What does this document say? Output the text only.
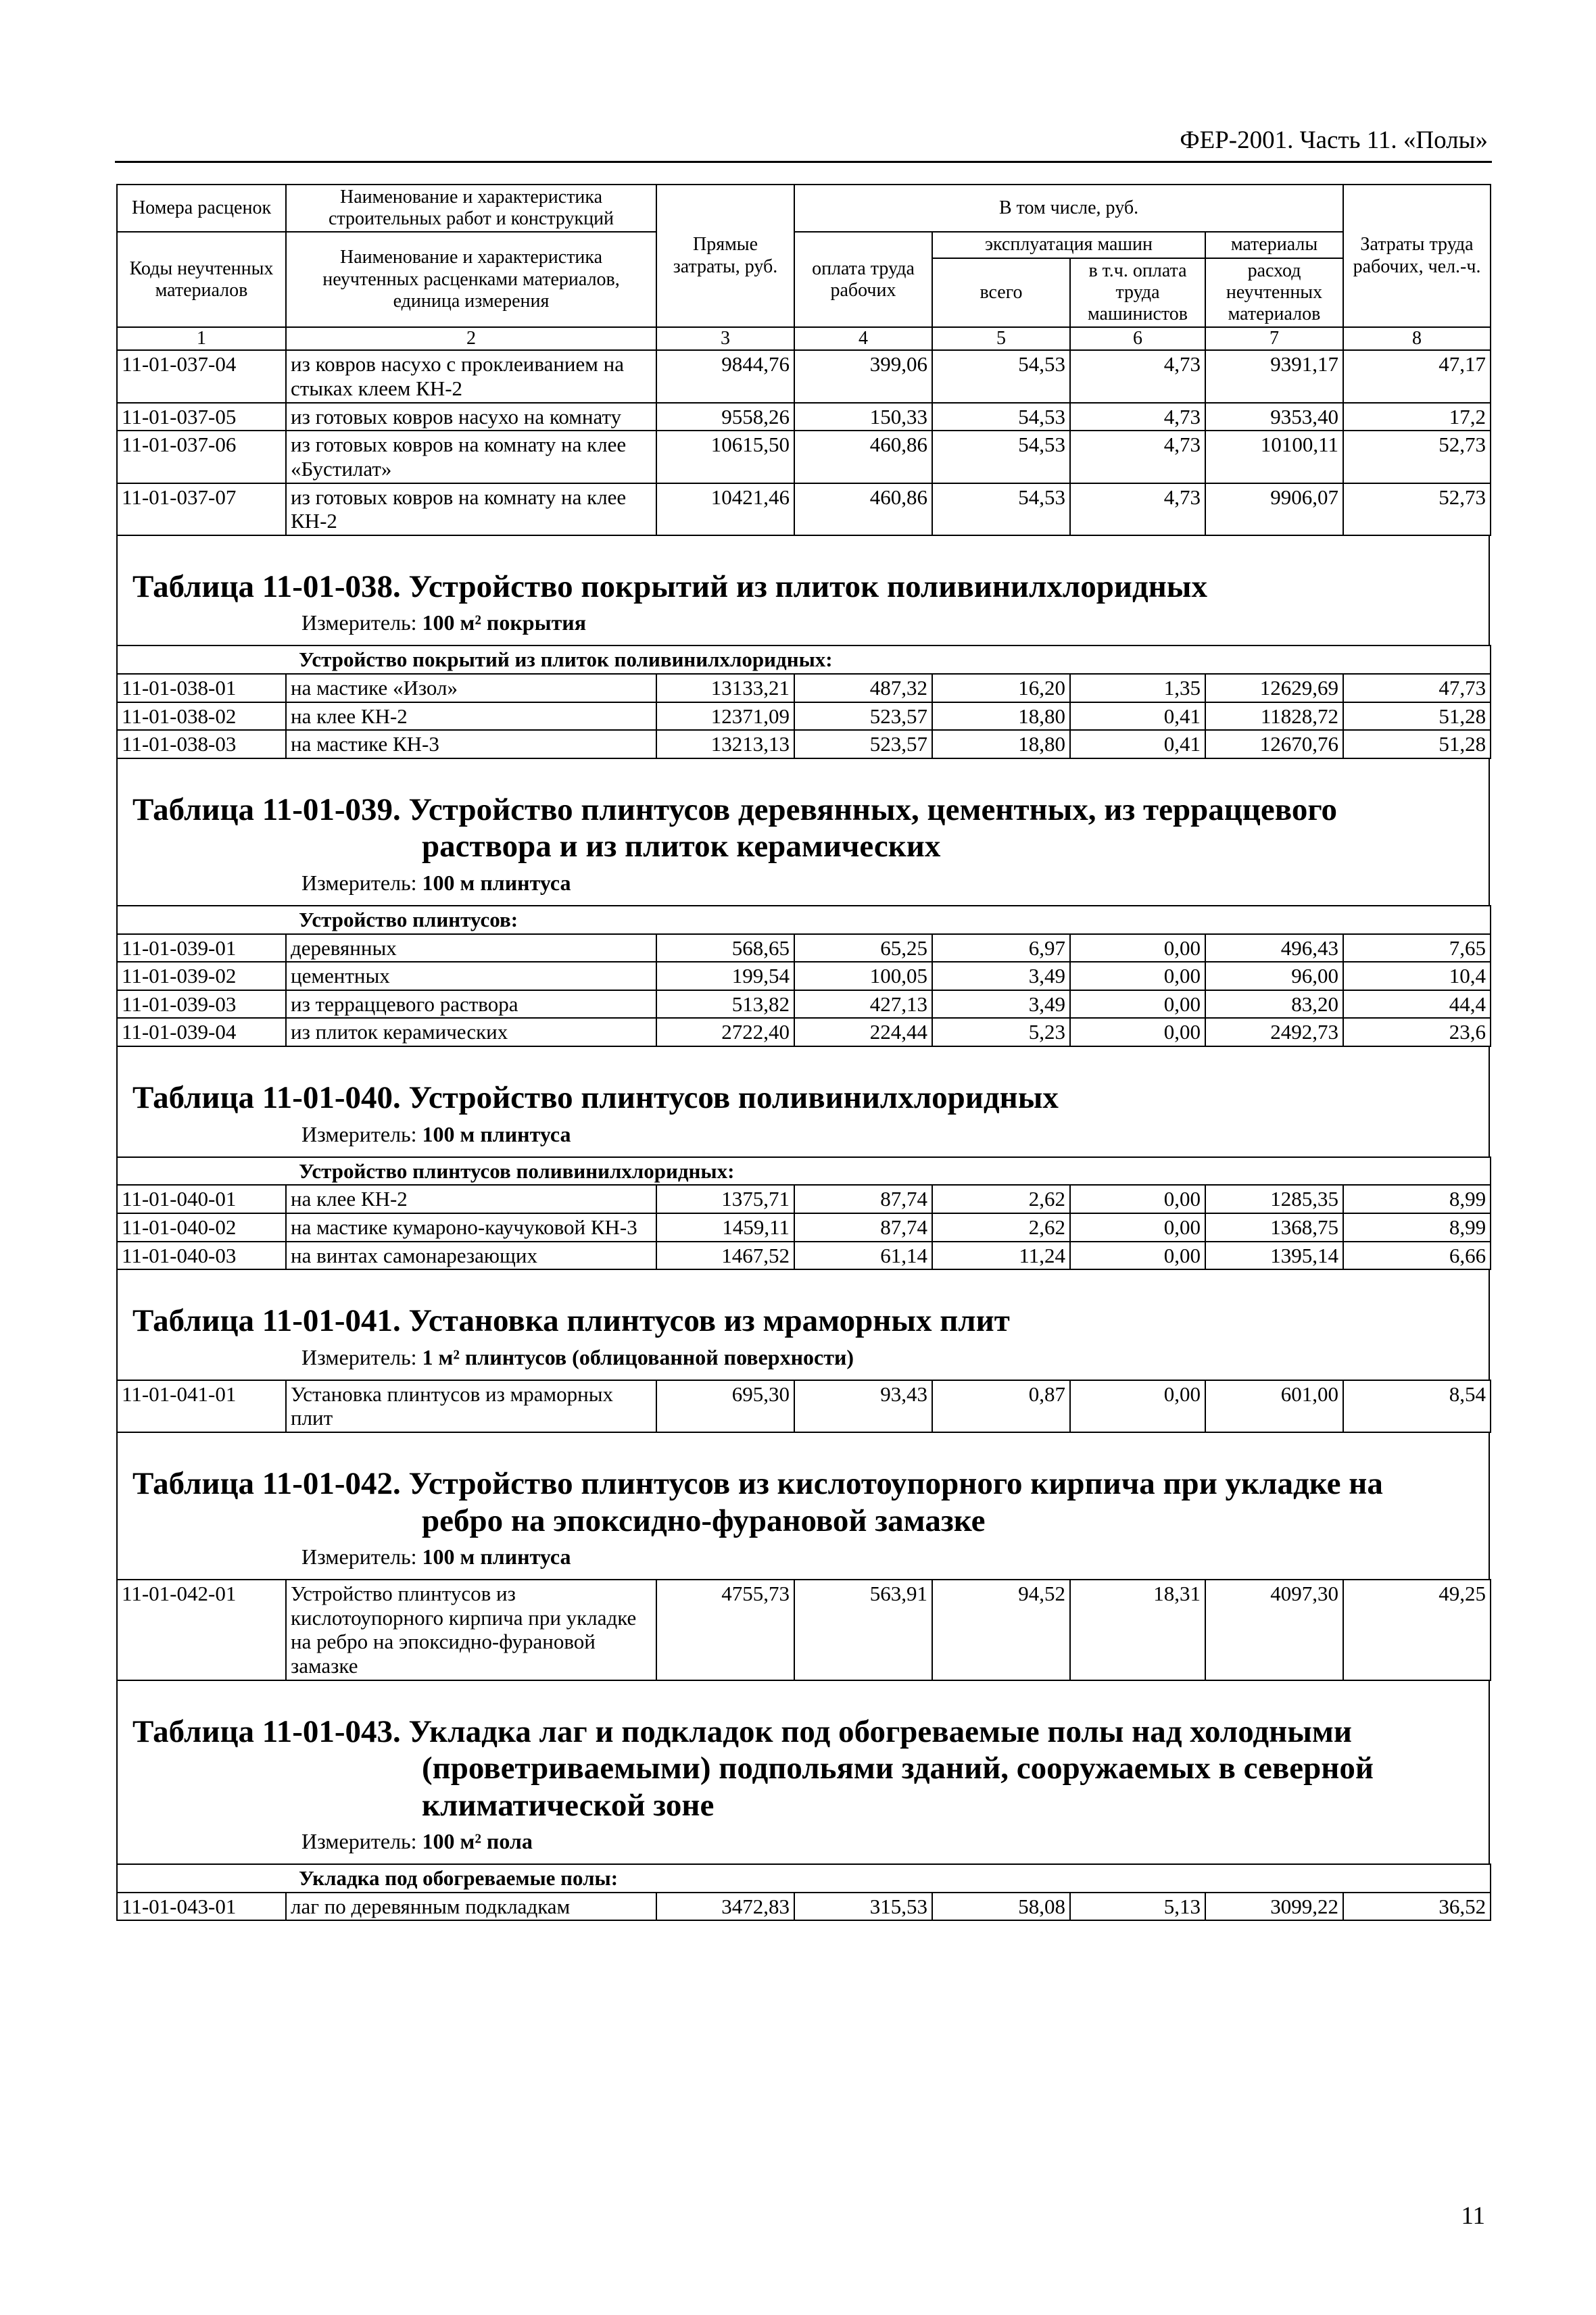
ФЕР-2001. Часть 11. «Полы»
Номера расценок	Наименование и характеристика строительных работ и конструкций	Прямые затраты, руб.	В том числе, руб.				Затраты труда рабочих, чел.-ч.
Коды неучтенных материалов	Наименование и характеристика неучтенных расценками материалов, единица измерения		оплата труда рабочих	эксплуатация машин		материалы	
				всего	в т.ч. оплата труда машинистов	расход неучтенных материалов	
1	2	3	4	5	6	7	8
11-01-037-04	из ковров насухо с проклеиванием на стыках клеем КН-2	9844,76	399,06	54,53	4,73	9391,17	47,17
11-01-037-05	из готовых ковров насухо на комнату	9558,26	150,33	54,53	4,73	9353,40	17,2
11-01-037-06	из готовых ковров на комнату на клее «Бустилат»	10615,50	460,86	54,53	4,73	10100,11	52,73
11-01-037-07	из готовых ковров на комнату на клее КН-2	10421,46	460,86	54,53	4,73	9906,07	52,73
Таблица 11-01-038. Устройство покрытий из плиток поливинилхлоридных
Измеритель: 100 м² покрытия
Устройство покрытий из плиток поливинилхлоридных:							
11-01-038-01	на мастике «Изол»	13133,21	487,32	16,20	1,35	12629,69	47,73
11-01-038-02	на клее КН-2	12371,09	523,57	18,80	0,41	11828,72	51,28
11-01-038-03	на мастике КН-3	13213,13	523,57	18,80	0,41	12670,76	51,28
Таблица 11-01-039. Устройство плинтусов деревянных, цементных, из терраццевого
раствора и из плиток керамических
Измеритель: 100 м плинтуса
Устройство плинтусов:							
11-01-039-01	деревянных	568,65	65,25	6,97	0,00	496,43	7,65
11-01-039-02	цементных	199,54	100,05	3,49	0,00	96,00	10,4
11-01-039-03	из терраццевого раствора	513,82	427,13	3,49	0,00	83,20	44,4
11-01-039-04	из плиток керамических	2722,40	224,44	5,23	0,00	2492,73	23,6
Таблица 11-01-040. Устройство плинтусов поливинилхлоридных
Измеритель: 100 м плинтуса
Устройство плинтусов поливинилхлоридных:							
11-01-040-01	на клее КН-2	1375,71	87,74	2,62	0,00	1285,35	8,99
11-01-040-02	на мастике кумароно-каучуковой КН-3	1459,11	87,74	2,62	0,00	1368,75	8,99
11-01-040-03	на винтах самонарезающих	1467,52	61,14	11,24	0,00	1395,14	6,66
Таблица 11-01-041. Установка плинтусов из мраморных плит
Измеритель: 1 м² плинтусов (облицованной поверхности)
11-01-041-01	Установка плинтусов из мраморных плит	695,30	93,43	0,87	0,00	601,00	8,54
Таблица 11-01-042. Устройство плинтусов из кислотоупорного кирпича при укладке на
ребро на эпоксидно-фурановой замазке
Измеритель: 100 м плинтуса
11-01-042-01	Устройство плинтусов из кислотоупорного кирпича при укладке на ребро на эпоксидно-фурановой замазке	4755,73	563,91	94,52	18,31	4097,30	49,25
Таблица 11-01-043. Укладка лаг и подкладок под обогреваемые полы над холодными
(проветриваемыми) подпольями зданий, сооружаемых в северной
климатической зоне
Измеритель: 100 м² пола
Укладка под обогреваемые полы:
11-01-043-01	лаг по деревянным подкладкам	3472,83	315,53	58,08	5,13	3099,22	36,52
11
